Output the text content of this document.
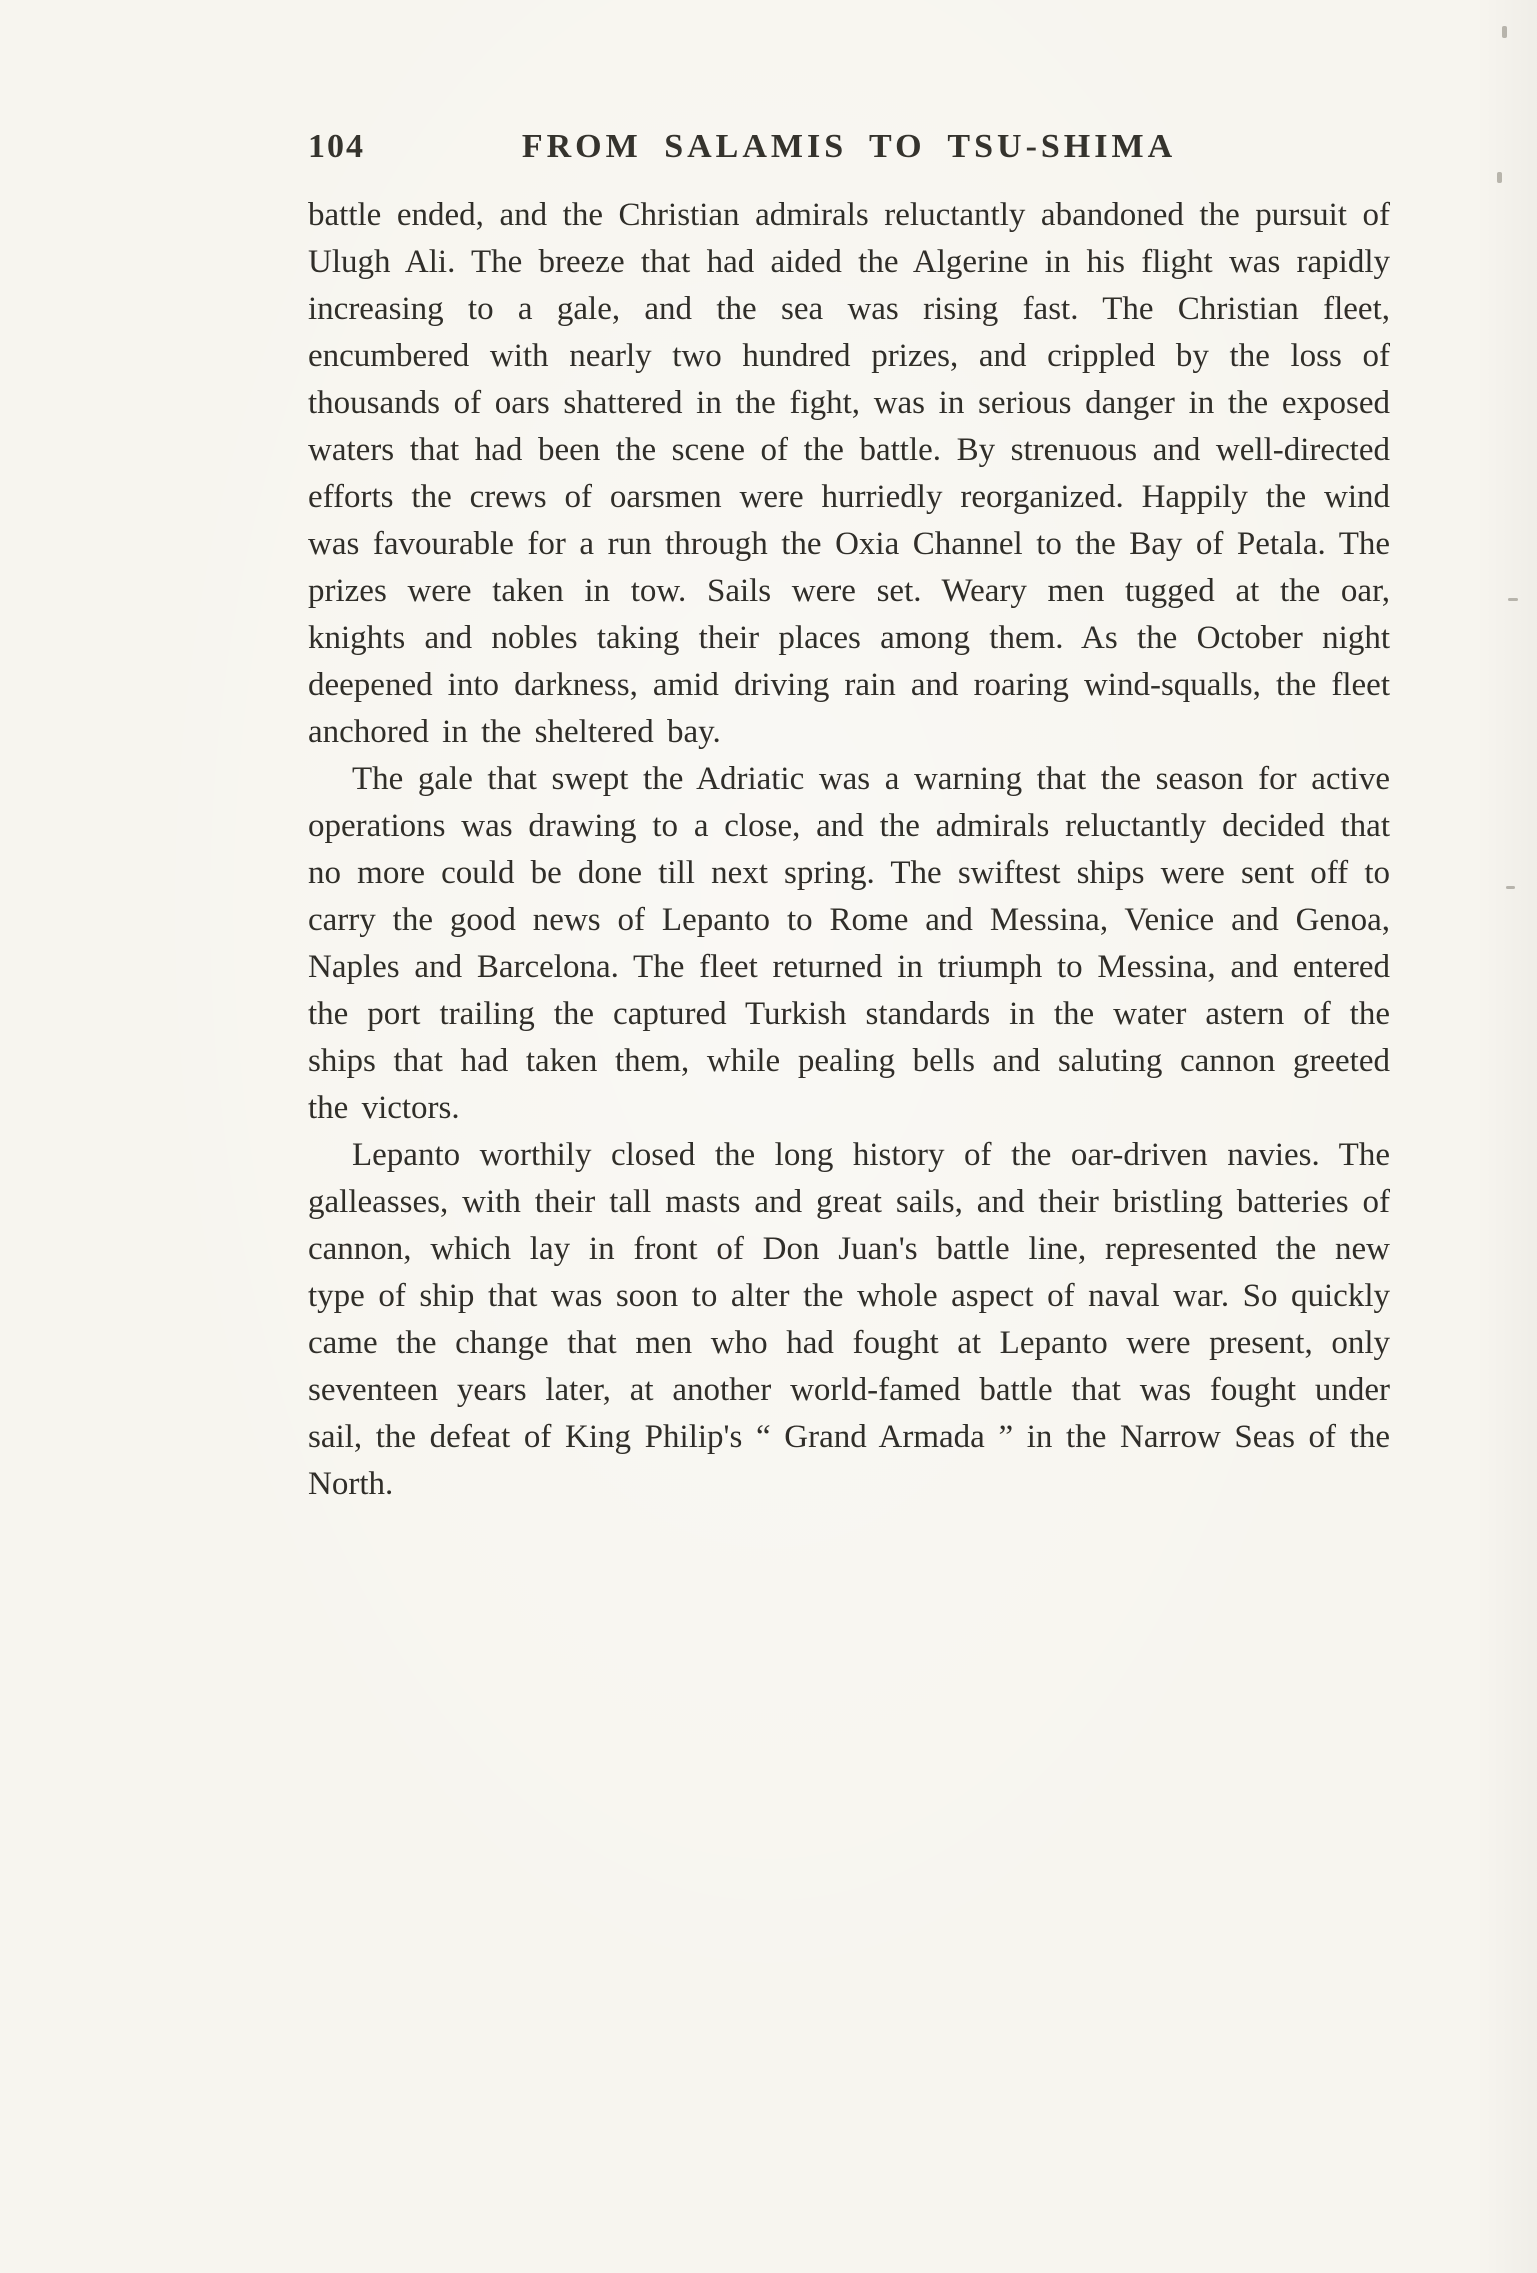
104	FROM SALAMIS TO TSU-SHIMA

battle ended, and the Christian admirals reluctantly abandoned the pursuit of Ulugh Ali. The breeze that had aided the Algerine in his flight was rapidly increasing to a gale, and the sea was rising fast. The Christian fleet, encumbered with nearly two hundred prizes, and crippled by the loss of thousands of oars shattered in the fight, was in serious danger in the exposed waters that had been the scene of the battle. By strenuous and well-directed efforts the crews of oarsmen were hurriedly reorganized. Happily the wind was favourable for a run through the Oxia Channel to the Bay of Petala. The prizes were taken in tow. Sails were set. Weary men tugged at the oar, knights and nobles taking their places among them. As the October night deepened into darkness, amid driving rain and roaring wind-squalls, the fleet anchored in the sheltered bay.

The gale that swept the Adriatic was a warning that the season for active operations was drawing to a close, and the admirals reluctantly decided that no more could be done till next spring. The swiftest ships were sent off to carry the good news of Lepanto to Rome and Messina, Venice and Genoa, Naples and Barcelona. The fleet returned in triumph to Messina, and entered the port trailing the captured Turkish standards in the water astern of the ships that had taken them, while pealing bells and saluting cannon greeted the victors.

Lepanto worthily closed the long history of the oar-driven navies. The galleasses, with their tall masts and great sails, and their bristling batteries of cannon, which lay in front of Don Juan's battle line, represented the new type of ship that was soon to alter the whole aspect of naval war. So quickly came the change that men who had fought at Lepanto were present, only seventeen years later, at another world-famed battle that was fought under sail, the defeat of King Philip's “ Grand Armada ” in the Narrow Seas of the North.
